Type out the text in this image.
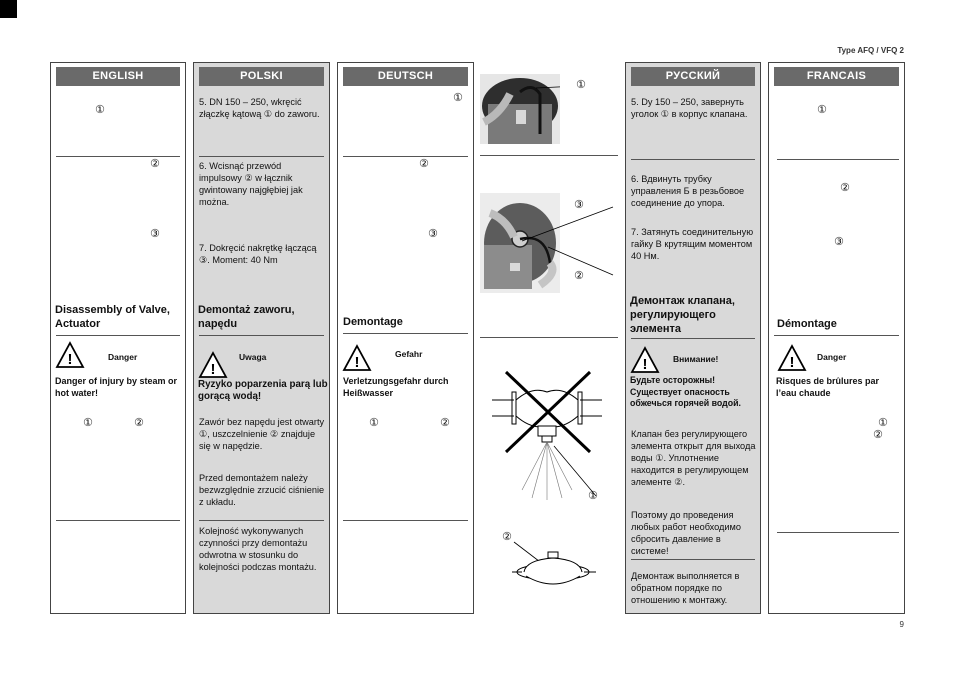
Type AFQ / VFQ 2
ENGLISH
①
②
③
Disassembly of Valve, Actuator
!	Danger
Danger of injury by steam or hot water!
①	②
POLSKI
5. DN 150 – 250, wkręcić złączkę kątową ① do zaworu.
6. Wcisnąć przewód impulsowy ② w łącznik gwintowany najgłębiej jak można.
7. Dokręcić nakrętkę łączącą ③. Moment: 40 Nm
Demontaż zaworu, napędu
!
Uwaga
Ryzyko poparzenia parą lub gorącą wodą!
Zawór bez napędu jest otwarty ①, uszczelnienie ② znajduje się w napędzie.
Przed demontażem należy bezwzględnie zrzucić ciśnienie z układu.
Kolejność wykonywanych czynności przy demontażu odwrotna w stosunku do kolejności podczas montażu.
DEUTSCH
①
②
③
Demontage
!	Gefahr
Verletzungsgefahr durch Heißwasser
①	②
①
③
②
①
②
РУССКИЙ
5. Dy 150 – 250, завернуть уголок ① в корпус клапана.
6. Вдвинуть трубку управления Б в резьбовое соединение до упора.
7. Затянуть соединительную гайку В крутящим моментом 40 Нм.
Демонтаж клапана, регулирующего элемента
!	Внимание!
Будьте осторожны! Существует опасность обжечься горячей водой.
Клапан без регулирующего элемента открыт для выхода воды ①. Уплотнение находится в регулирующем элементе ②.
Поэтому до проведения любых работ необходимо сбросить давление в системе!
Демонтаж выполняется в обратном порядке по отношению к монтажу.
FRANCAIS
①
②
③
Démontage
!	Danger
Risques de brûlures par l’eau chaude
①
②
9
